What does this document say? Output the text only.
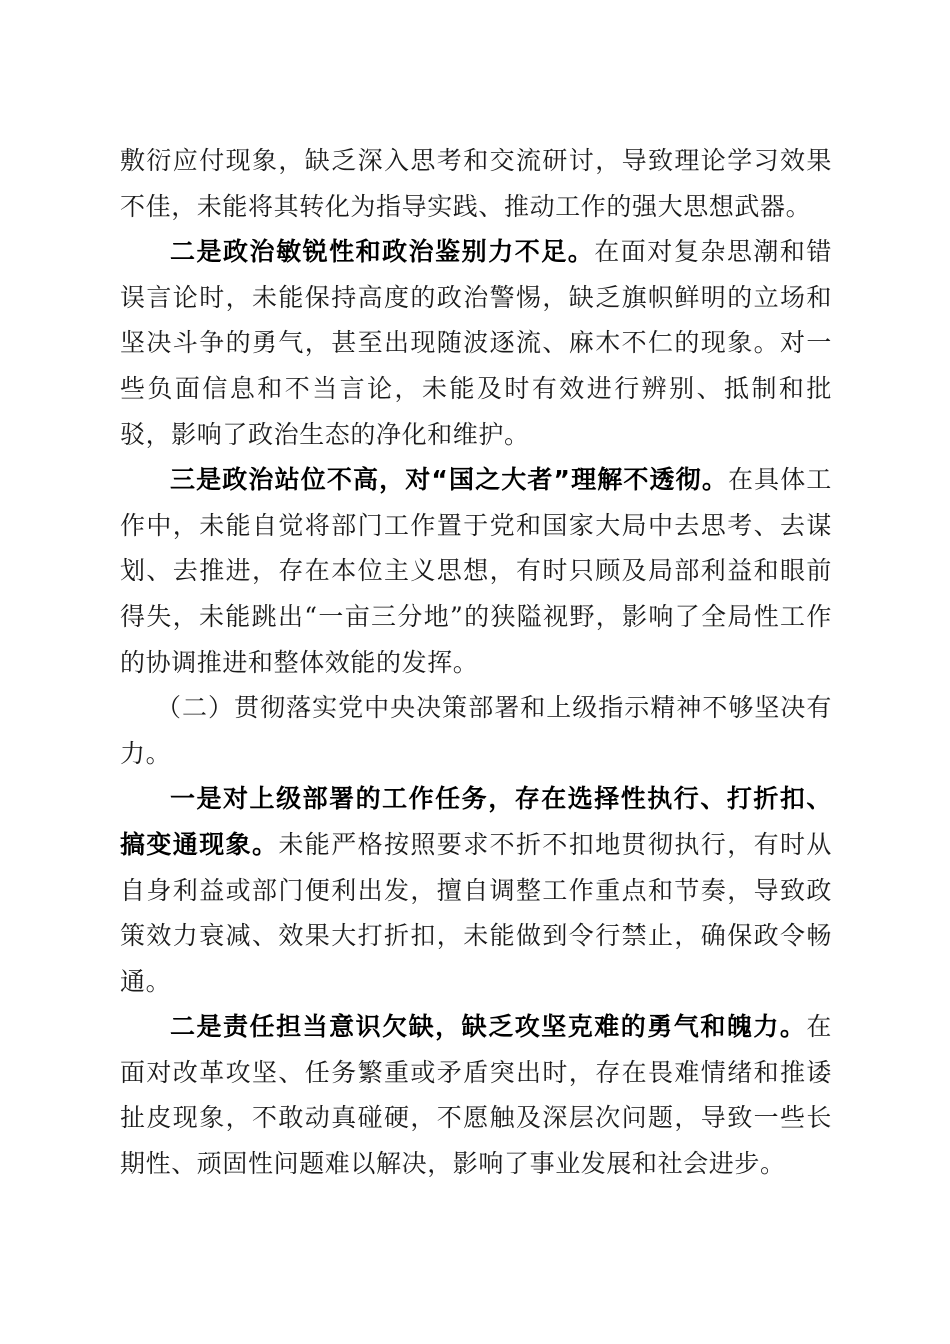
敷衍应付现象，缺乏深入思考和交流研讨，导致理论学习效果不佳，未能将其转化为指导实践、推动工作的强大思想武器。

二是政治敏锐性和政治鉴别力不足。在面对复杂思潮和错误言论时，未能保持高度的政治警惕，缺乏旗帜鲜明的立场和坚决斗争的勇气，甚至出现随波逐流、麻木不仁的现象。对一些负面信息和不当言论，未能及时有效进行辨别、抵制和批驳，影响了政治生态的净化和维护。

三是政治站位不高，对“国之大者”理解不透彻。在具体工作中，未能自觉将部门工作置于党和国家大局中去思考、去谋划、去推进，存在本位主义思想，有时只顾及局部利益和眼前得失，未能跳出“一亩三分地”的狭隘视野，影响了全局性工作的协调推进和整体效能的发挥。

（二）贯彻落实党中央决策部署和上级指示精神不够坚决有力。

一是对上级部署的工作任务，存在选择性执行、打折扣、搞变通现象。未能严格按照要求不折不扣地贯彻执行，有时从自身利益或部门便利出发，擅自调整工作重点和节奏，导致政策效力衰减、效果大打折扣，未能做到令行禁止，确保政令畅通。

二是责任担当意识欠缺，缺乏攻坚克难的勇气和魄力。在面对改革攻坚、任务繁重或矛盾突出时，存在畏难情绪和推诿扯皮现象，不敢动真碰硬，不愿触及深层次问题，导致一些长期性、顽固性问题难以解决，影响了事业发展和社会进步。
